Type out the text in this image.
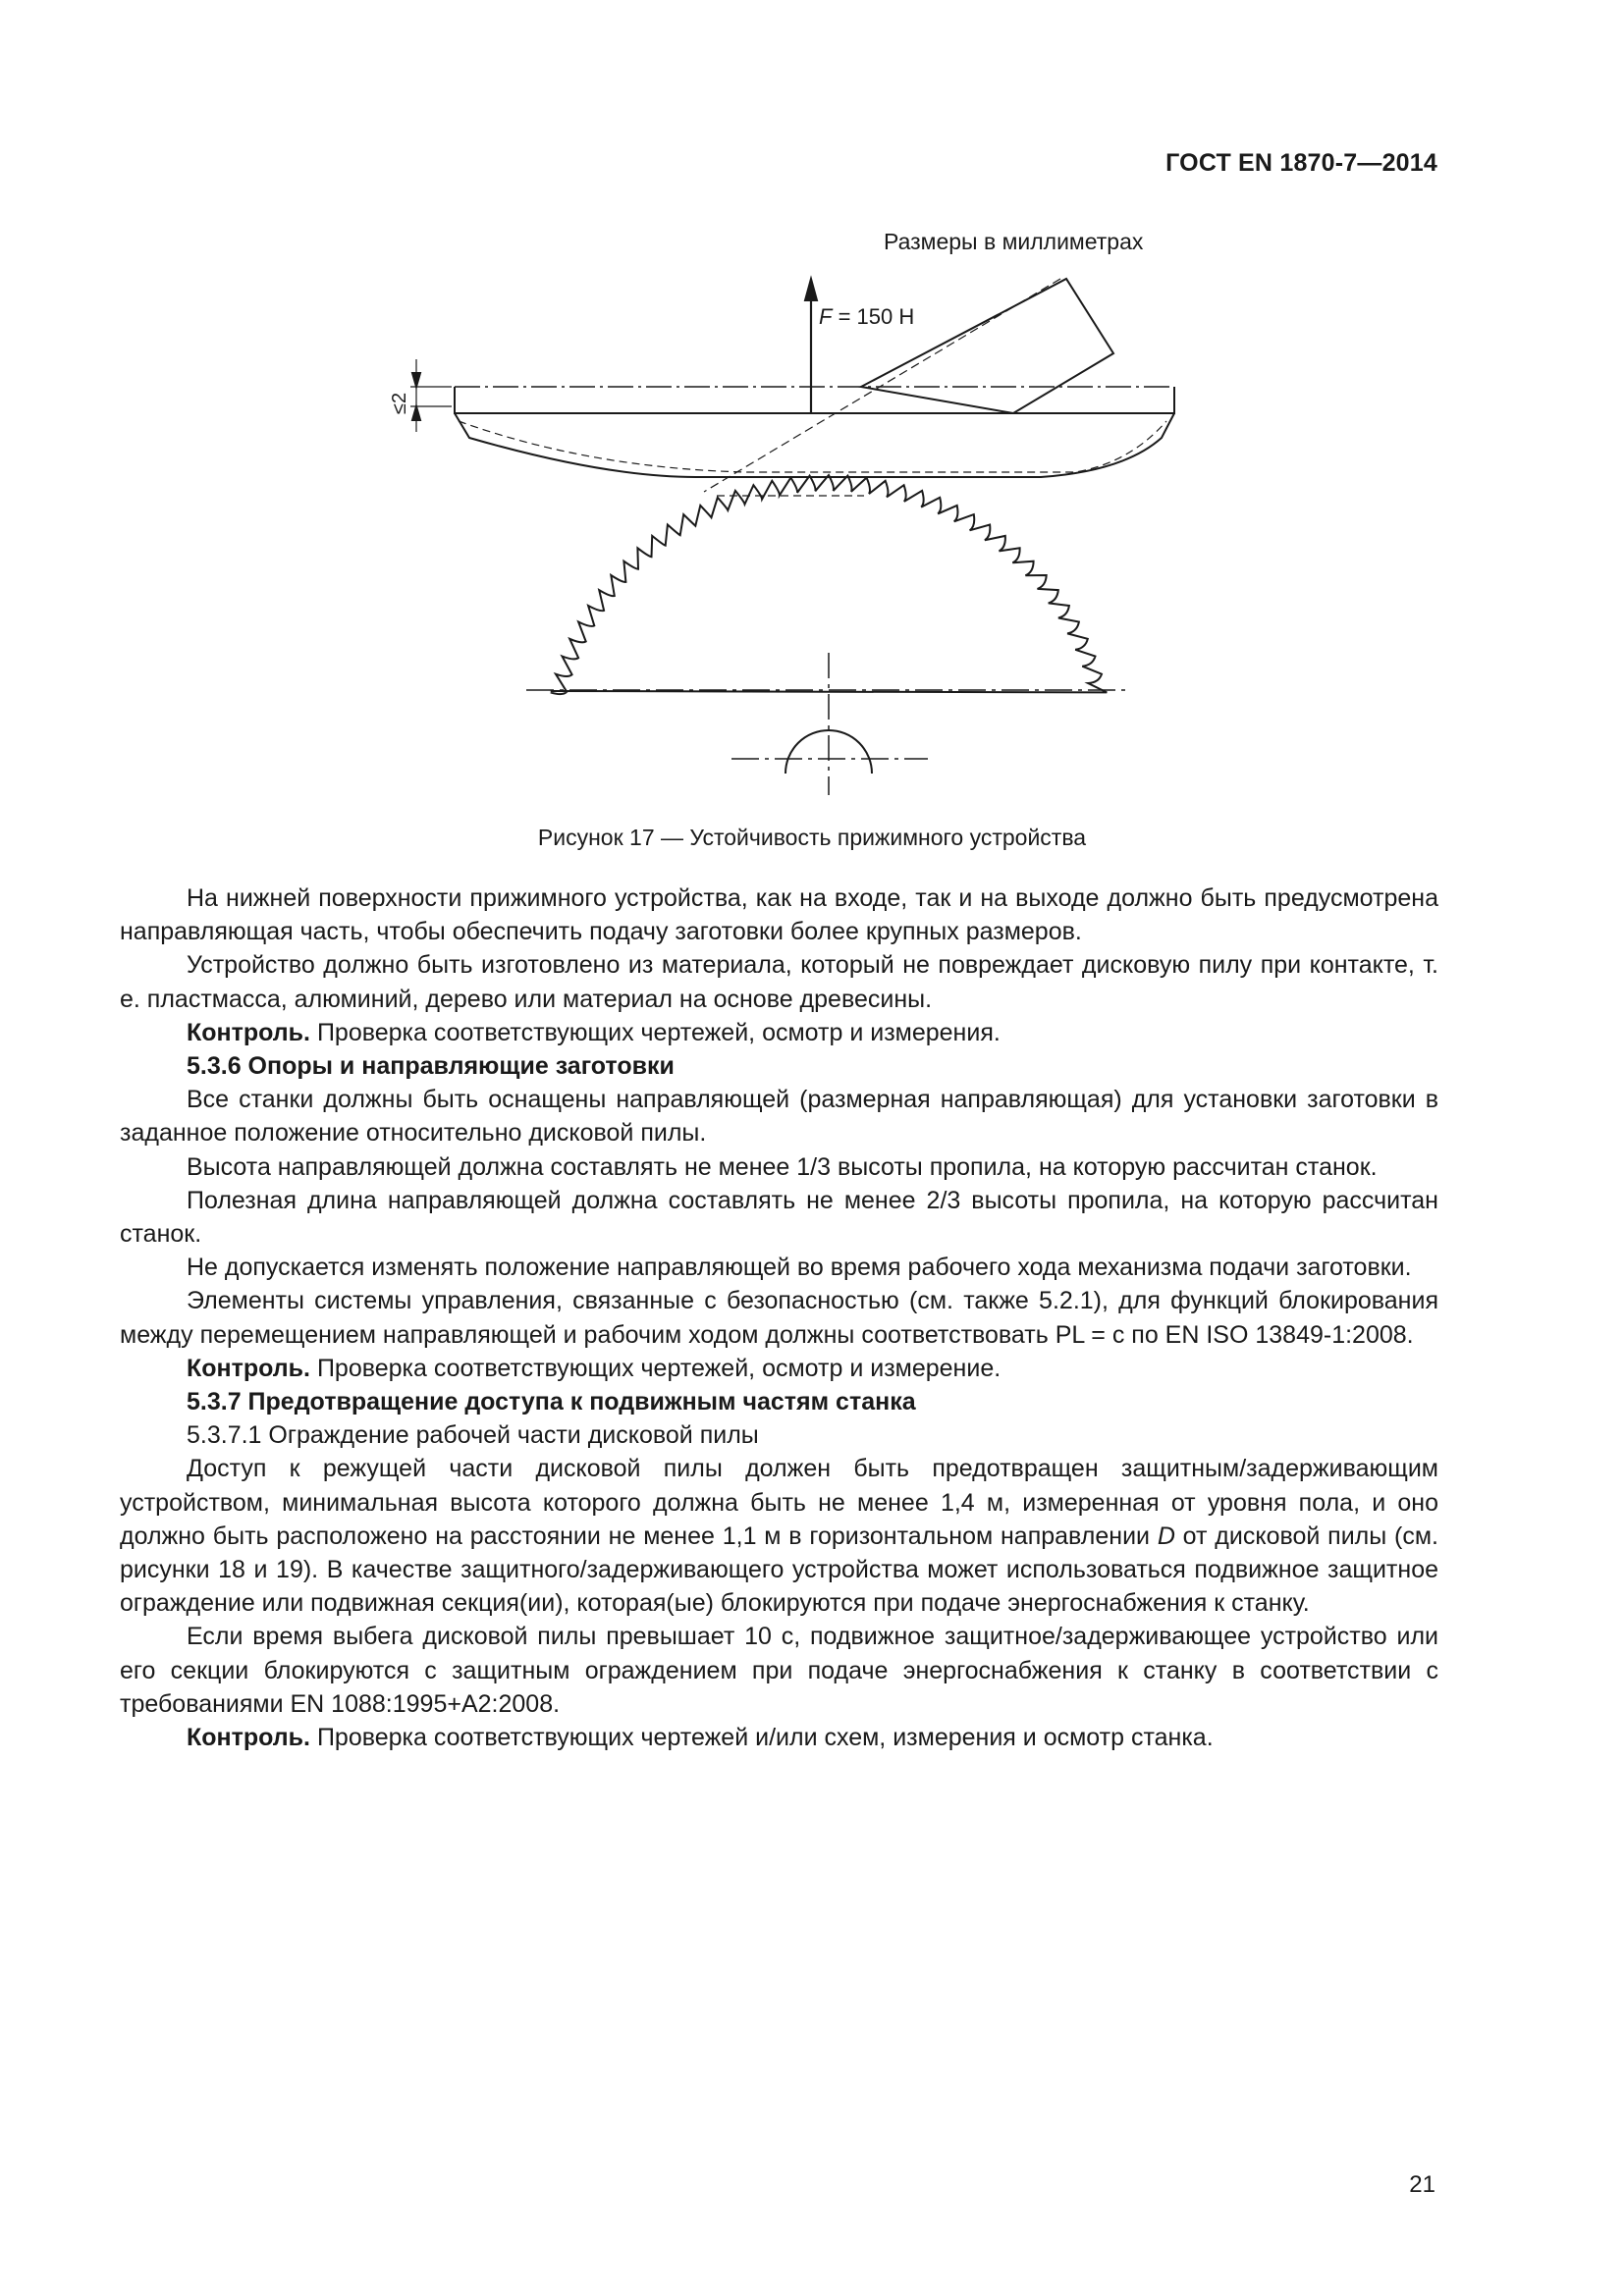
ГОСТ EN 1870-7—2014
Размеры в миллиметрах
F = 150 Н
≤2
Рисунок 17 — Устойчивость прижимного устройства

На нижней поверхности прижимного устройства, как на входе, так и на выходе должно быть предусмотрена направляющая часть, чтобы обеспечить подачу заготовки более крупных размеров.

Устройство должно быть изготовлено из материала, который не повреждает дисковую пилу при контакте, т. е. пластмасса, алюминий, дерево или материал на основе древесины.

Контроль. Проверка соответствующих чертежей, осмотр и измерения.

5.3.6 Опоры и направляющие заготовки

Все станки должны быть оснащены направляющей (размерная направляющая) для установки заготовки в заданное положение относительно дисковой пилы.

Высота направляющей должна составлять не менее 1/3 высоты пропила, на которую рассчитан станок.

Полезная длина направляющей должна составлять не менее 2/3 высоты пропила, на которую рассчитан станок.

Не допускается изменять положение направляющей во время рабочего хода механизма подачи заготовки.

Элементы системы управления, связанные с безопасностью (см. также 5.2.1), для функций блокирования между перемещением направляющей и рабочим ходом должны соответствовать PL = c по EN ISO 13849-1:2008.

Контроль. Проверка соответствующих чертежей, осмотр и измерение.

5.3.7 Предотвращение доступа к подвижным частям станка

5.3.7.1 Ограждение рабочей части дисковой пилы

Доступ к режущей части дисковой пилы должен быть предотвращен защитным/задерживающим устройством, минимальная высота которого должна быть не менее 1,4 м, измеренная от уровня пола, и оно должно быть расположено на расстоянии не менее 1,1 м в горизонтальном направлении D от дисковой пилы (см. рисунки 18 и 19). В качестве защитного/задерживающего устройства может использоваться подвижное защитное ограждение или подвижная секция(ии), которая(ые) блокируются при подаче энергоснабжения к станку.

Если время выбега дисковой пилы превышает 10 с, подвижное защитное/задерживающее устройство или его секции блокируются с защитным ограждением при подаче энергоснабжения к станку в соответствии с требованиями EN 1088:1995+A2:2008.

Контроль. Проверка соответствующих чертежей и/или схем, измерения и осмотр станка.

21
